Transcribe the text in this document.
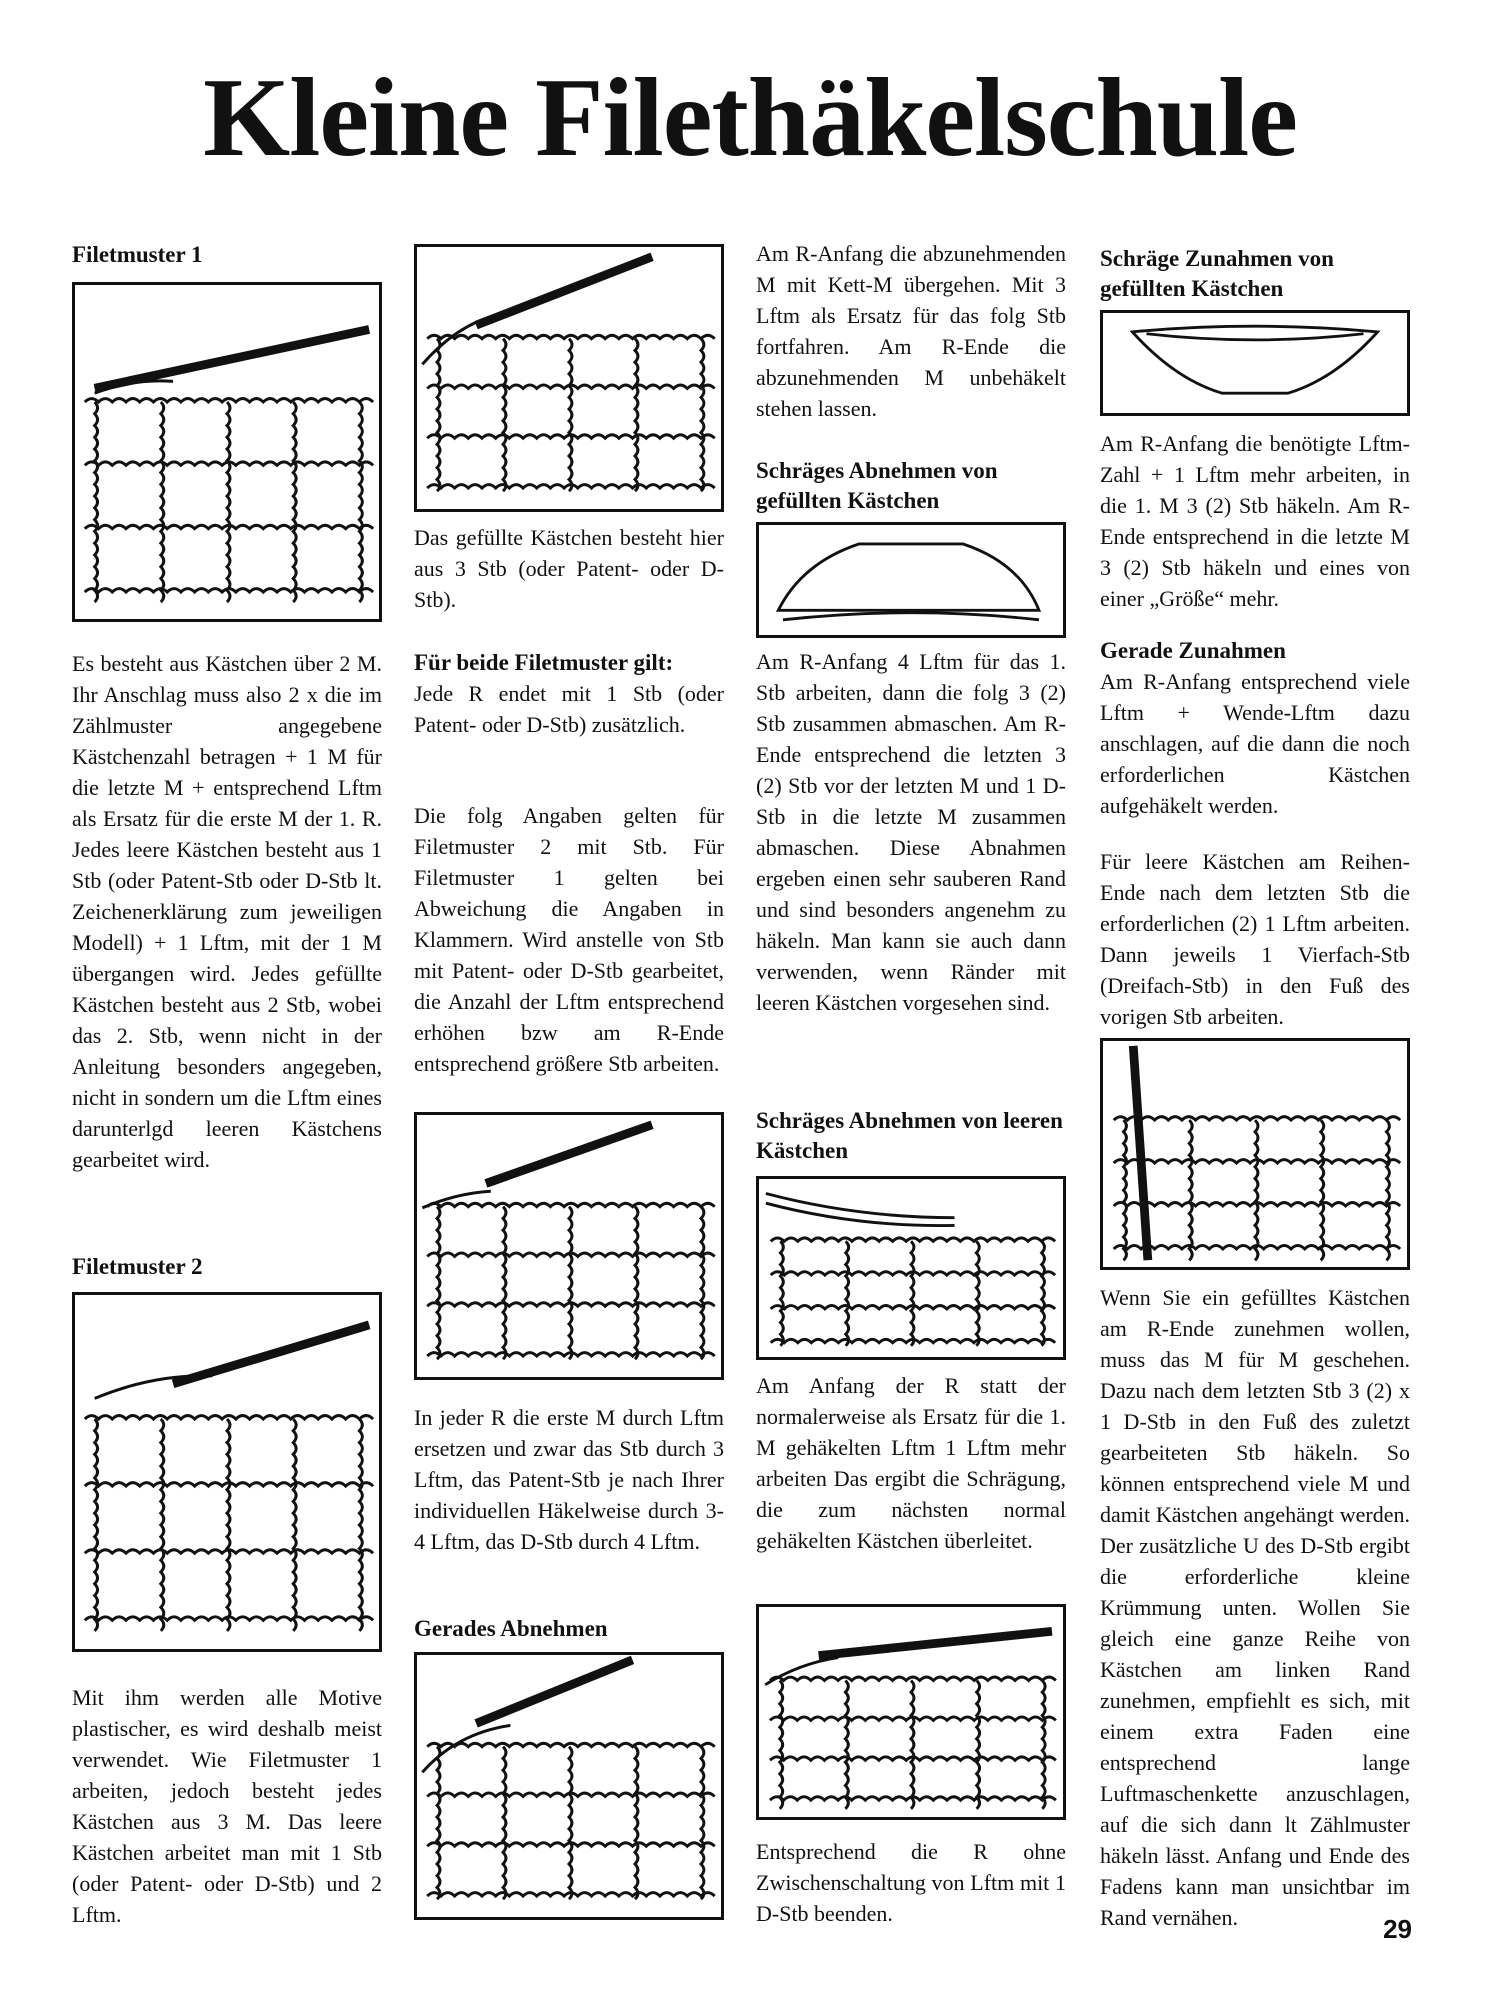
Kleine Filethäkelschule

Filetmuster 1

Es besteht aus Kästchen über 2 M. Ihr Anschlag muss also 2 x die im Zählmuster angegebene Kästchenzahl betragen + 1 M für die letzte M + entsprechend Lftm als Ersatz für die erste M der 1. R. Jedes leere Kästchen besteht aus 1 Stb (oder Patent-Stb oder D-Stb lt. Zeichenerklärung zum jeweiligen Modell) + 1 Lftm, mit der 1 M übergangen wird. Jedes gefüllte Kästchen besteht aus 2 Stb, wobei das 2. Stb, wenn nicht in der Anleitung besonders angegeben, nicht in sondern um die Lftm eines darunterlgd leeren Kästchens gearbeitet wird.

Filetmuster 2

Mit ihm werden alle Motive plastischer, es wird deshalb meist verwendet. Wie Filetmuster 1 arbeiten, jedoch besteht jedes Kästchen aus 3 M. Das leere Kästchen arbeitet man mit 1 Stb (oder Patent- oder D-Stb) und 2 Lftm.

Das gefüllte Kästchen besteht hier aus 3 Stb (oder Patent- oder D-Stb).

Für beide Filetmuster gilt:

Jede R endet mit 1 Stb (oder Patent- oder D-Stb) zusätzlich.

Die folg Angaben gelten für Filetmuster 2 mit Stb. Für Filetmuster 1 gelten bei Abweichung die Angaben in Klammern. Wird anstelle von Stb mit Patent- oder D-Stb gearbeitet, die Anzahl der Lftm entsprechend erhöhen bzw am R-Ende entsprechend größere Stb arbeiten.

In jeder R die erste M durch Lftm ersetzen und zwar das Stb durch 3 Lftm, das Patent-Stb je nach Ihrer individuellen Häkelweise durch 3-4 Lftm, das D-Stb durch 4 Lftm.

Gerades Abnehmen

Am R-Anfang die abzunehmenden M mit Kett-M übergehen. Mit 3 Lftm als Ersatz für das folg Stb fortfahren. Am R-Ende die abzunehmenden M unbehäkelt stehen lassen.

Schräges Abnehmen von gefüllten Kästchen

Am R-Anfang 4 Lftm für das 1. Stb arbeiten, dann die folg 3 (2) Stb zusammen abmaschen. Am R-Ende entsprechend die letzten 3 (2) Stb vor der letzten M und 1 D-Stb in die letzte M zusammen abmaschen. Diese Abnahmen ergeben einen sehr sauberen Rand und sind besonders angenehm zu häkeln. Man kann sie auch dann verwenden, wenn Ränder mit leeren Kästchen vorgesehen sind.

Schräges Abnehmen von leeren Kästchen

Am Anfang der R statt der normalerweise als Ersatz für die 1. M gehäkelten Lftm 1 Lftm mehr arbeiten Das ergibt die Schrägung, die zum nächsten normal gehäkelten Kästchen überleitet.

Entsprechend die R ohne Zwischenschaltung von Lftm mit 1 D-Stb beenden.

Schräge Zunahmen von gefüllten Kästchen

Am R-Anfang die benötigte Lftm-Zahl + 1 Lftm mehr arbeiten, in die 1. M 3 (2) Stb häkeln. Am R-Ende entsprechend in die letzte M 3 (2) Stb häkeln und eines von einer „Größe“ mehr.

Gerade Zunahmen

Am R-Anfang entsprechend viele Lftm + Wende-Lftm dazu anschlagen, auf die dann die noch erforderlichen Kästchen aufgehäkelt werden.

Für leere Kästchen am Reihen-Ende nach dem letzten Stb die erforderlichen (2) 1 Lftm arbeiten. Dann jeweils 1 Vierfach-Stb (Dreifach-Stb) in den Fuß des vorigen Stb arbeiten.

Wenn Sie ein gefülltes Kästchen am R-Ende zunehmen wollen, muss das M für M geschehen. Dazu nach dem letzten Stb 3 (2) x 1 D-Stb in den Fuß des zuletzt gearbeiteten Stb häkeln. So können entsprechend viele M und damit Kästchen angehängt werden. Der zusätzliche U des D-Stb ergibt die erforderliche kleine Krümmung unten. Wollen Sie gleich eine ganze Reihe von Kästchen am linken Rand zunehmen, empfiehlt es sich, mit einem extra Faden eine entsprechend lange Luftmaschenkette anzuschlagen, auf die sich dann lt Zählmuster häkeln lässt. Anfang und Ende des Fadens kann man unsichtbar im Rand vernähen.	29
